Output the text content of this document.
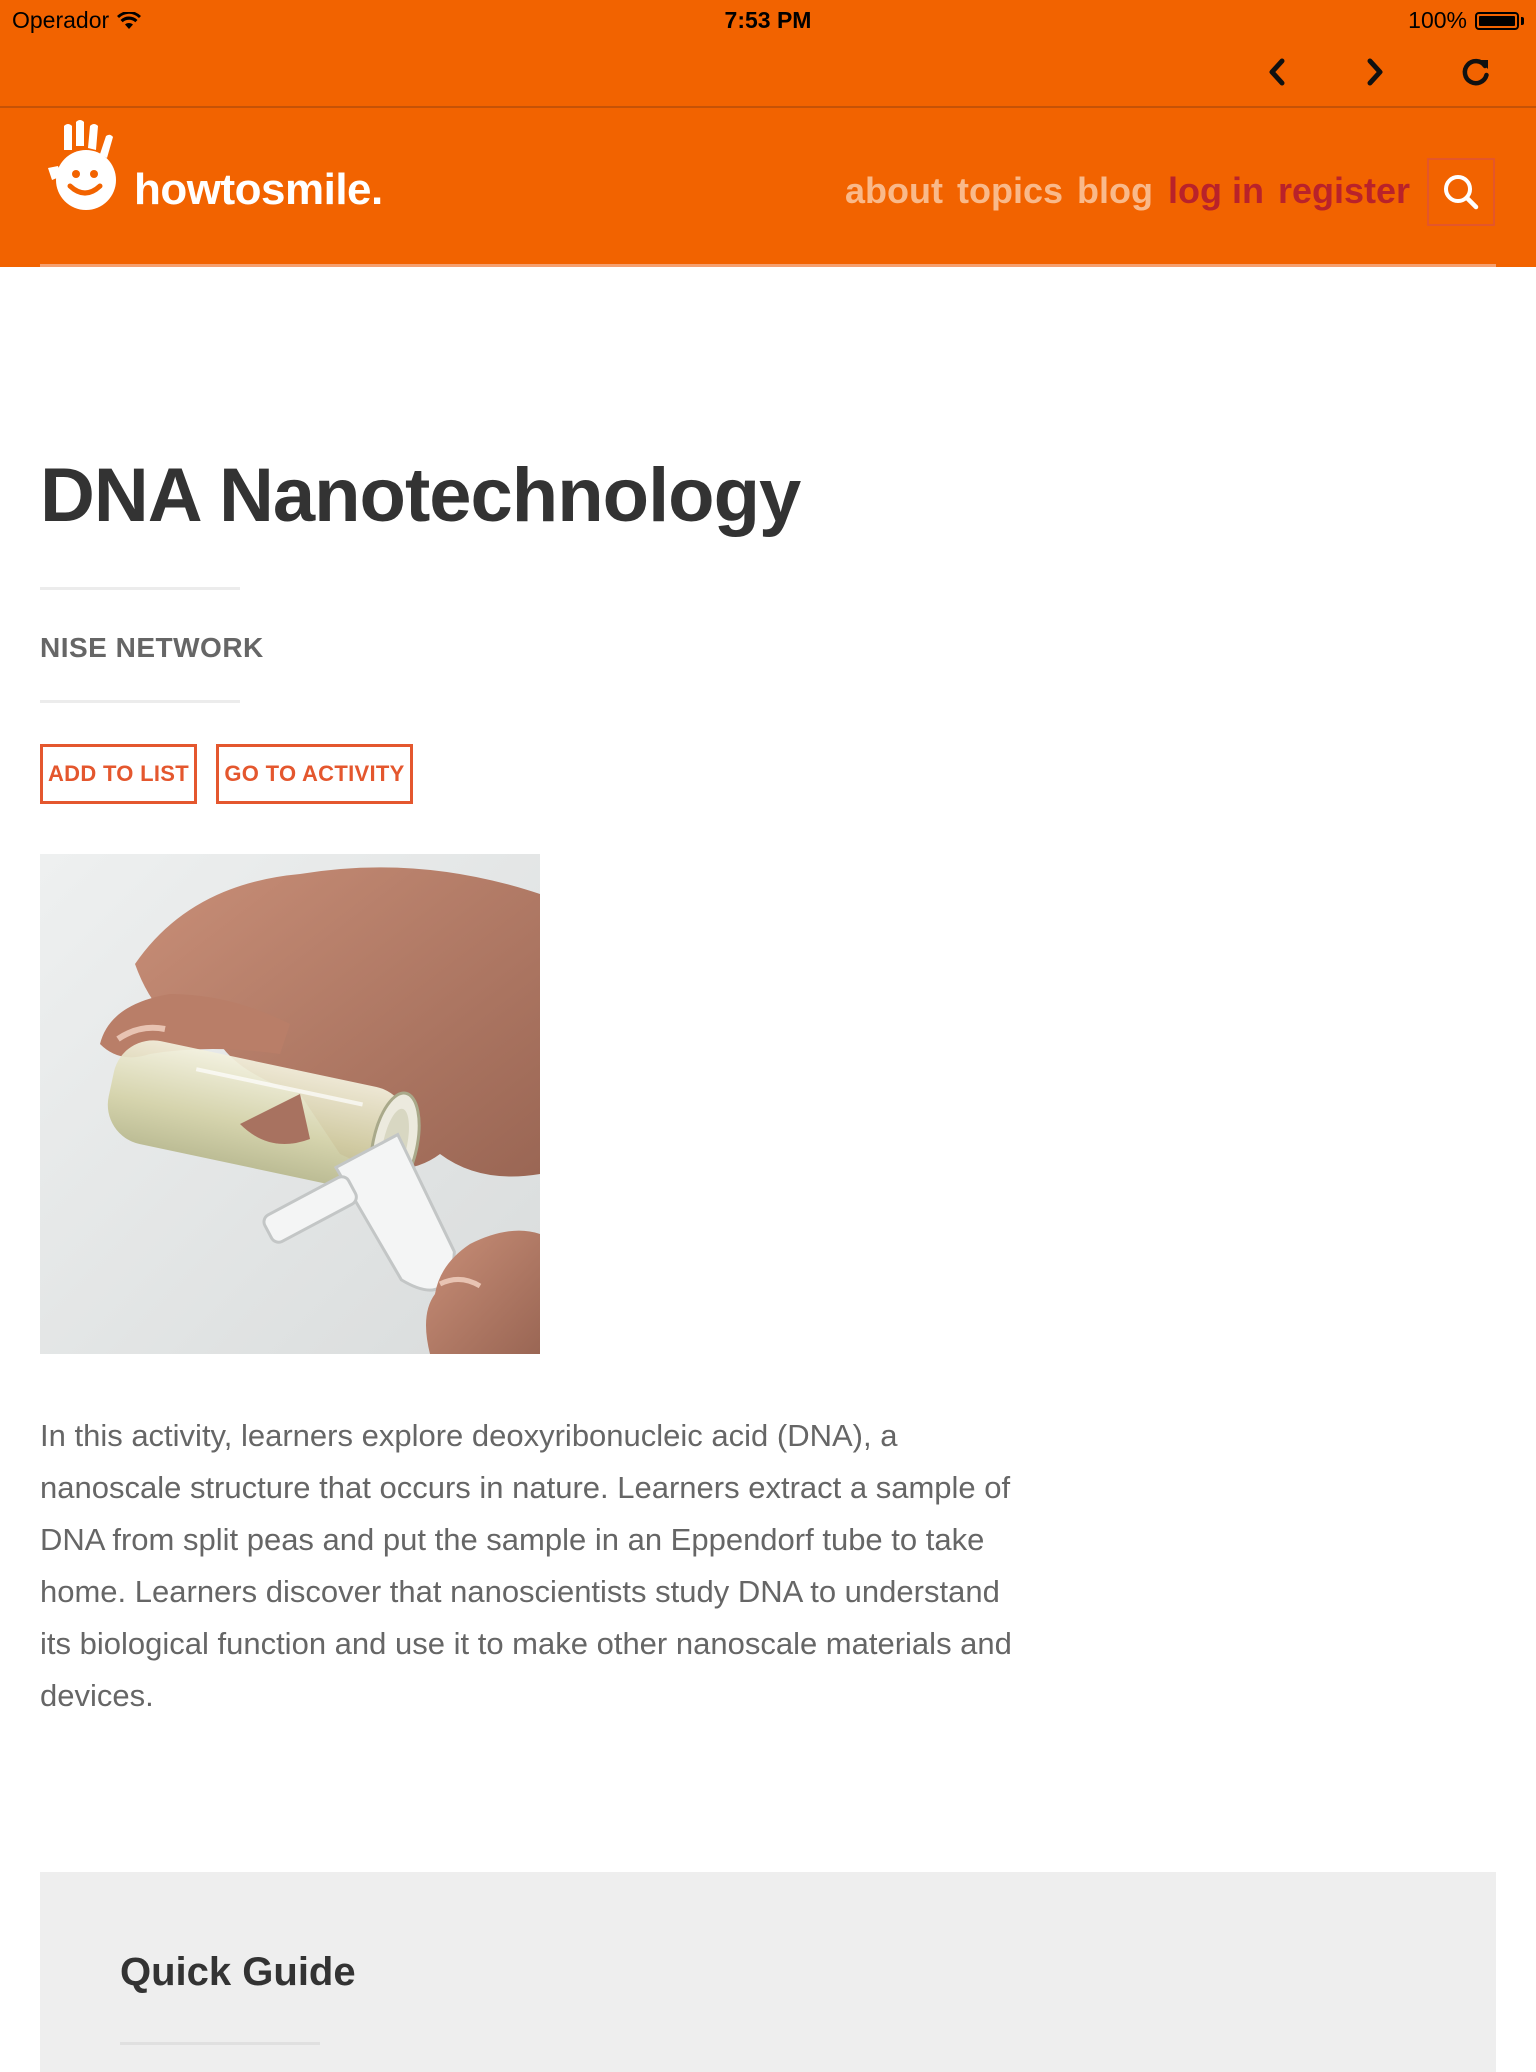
Operador	7:53 PM	100%
howtosmile.	about topics blog log in register
DNA Nanotechnology
NISE NETWORK
ADD TO LIST	GO TO ACTIVITY

In this activity, learners explore deoxyribonucleic acid (DNA), a nanoscale structure that occurs in nature. Learners extract a sample of DNA from split peas and put the sample in an Eppendorf tube to take home. Learners discover that nanoscientists study DNA to understand its biological function and use it to make other nanoscale materials and devices.

Quick Guide
